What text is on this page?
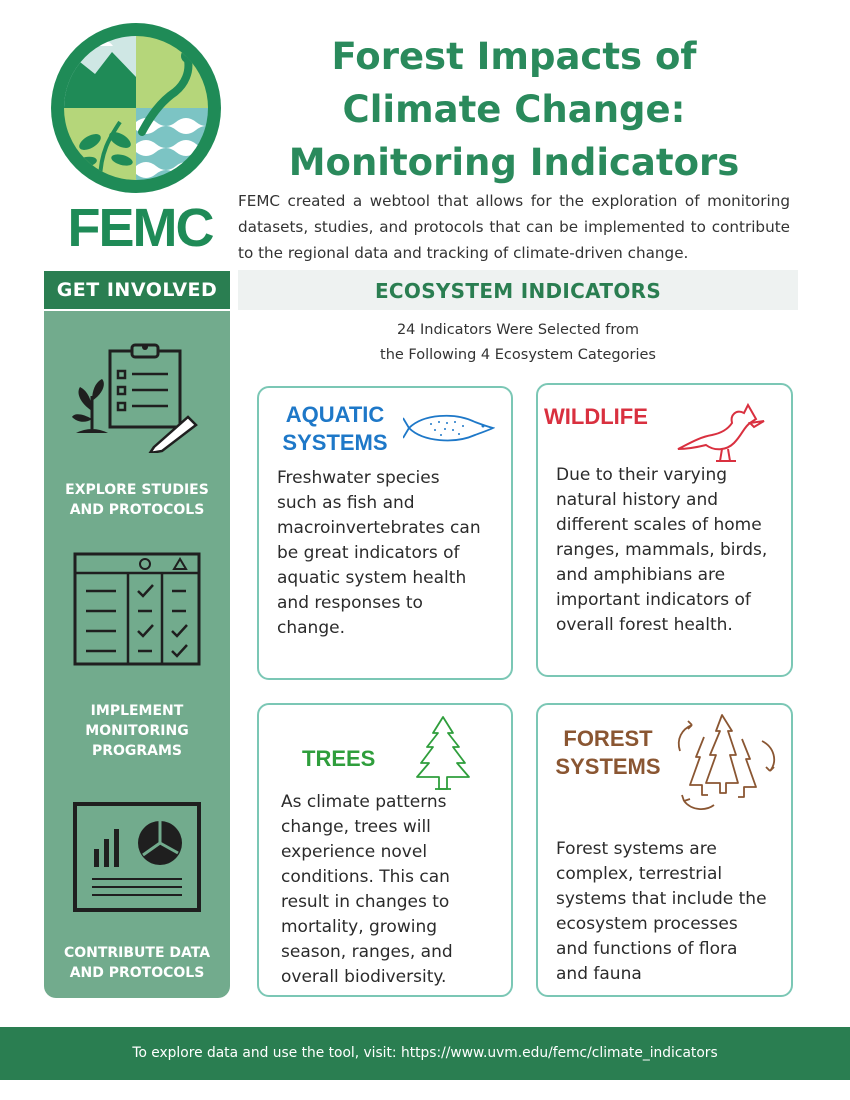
FEMC
Forest Impacts of
Climate Change:
Monitoring Indicators
FEMC created a webtool that allows for the exploration of monitoring datasets, studies, and protocols that can be implemented to contribute to the regional data and tracking of climate-driven change.
GET INVOLVED
EXPLORE STUDIES
AND PROTOCOLS
IMPLEMENT
MONITORING
PROGRAMS
CONTRIBUTE DATA
AND PROTOCOLS
ECOSYSTEM INDICATORS
24 Indicators Were Selected from
the Following 4 Ecosystem Categories
AQUATIC
SYSTEMS
Freshwater species
such as fish and
macroinvertebrates can
be great indicators of
aquatic system health
and responses to
change.
WILDLIFE
Due to their varying
natural history and
different scales of home
ranges, mammals, birds,
and amphibians are
important indicators of
overall forest health.
TREES
As climate patterns
change, trees will
experience novel
conditions. This can
result in changes to
mortality, growing
season, ranges, and
overall biodiversity.
FOREST
SYSTEMS
Forest systems are
complex, terrestrial
systems that include the
ecosystem processes
and functions of flora
and fauna
To explore data and use the tool, visit: https://www.uvm.edu/femc/climate_indicators
